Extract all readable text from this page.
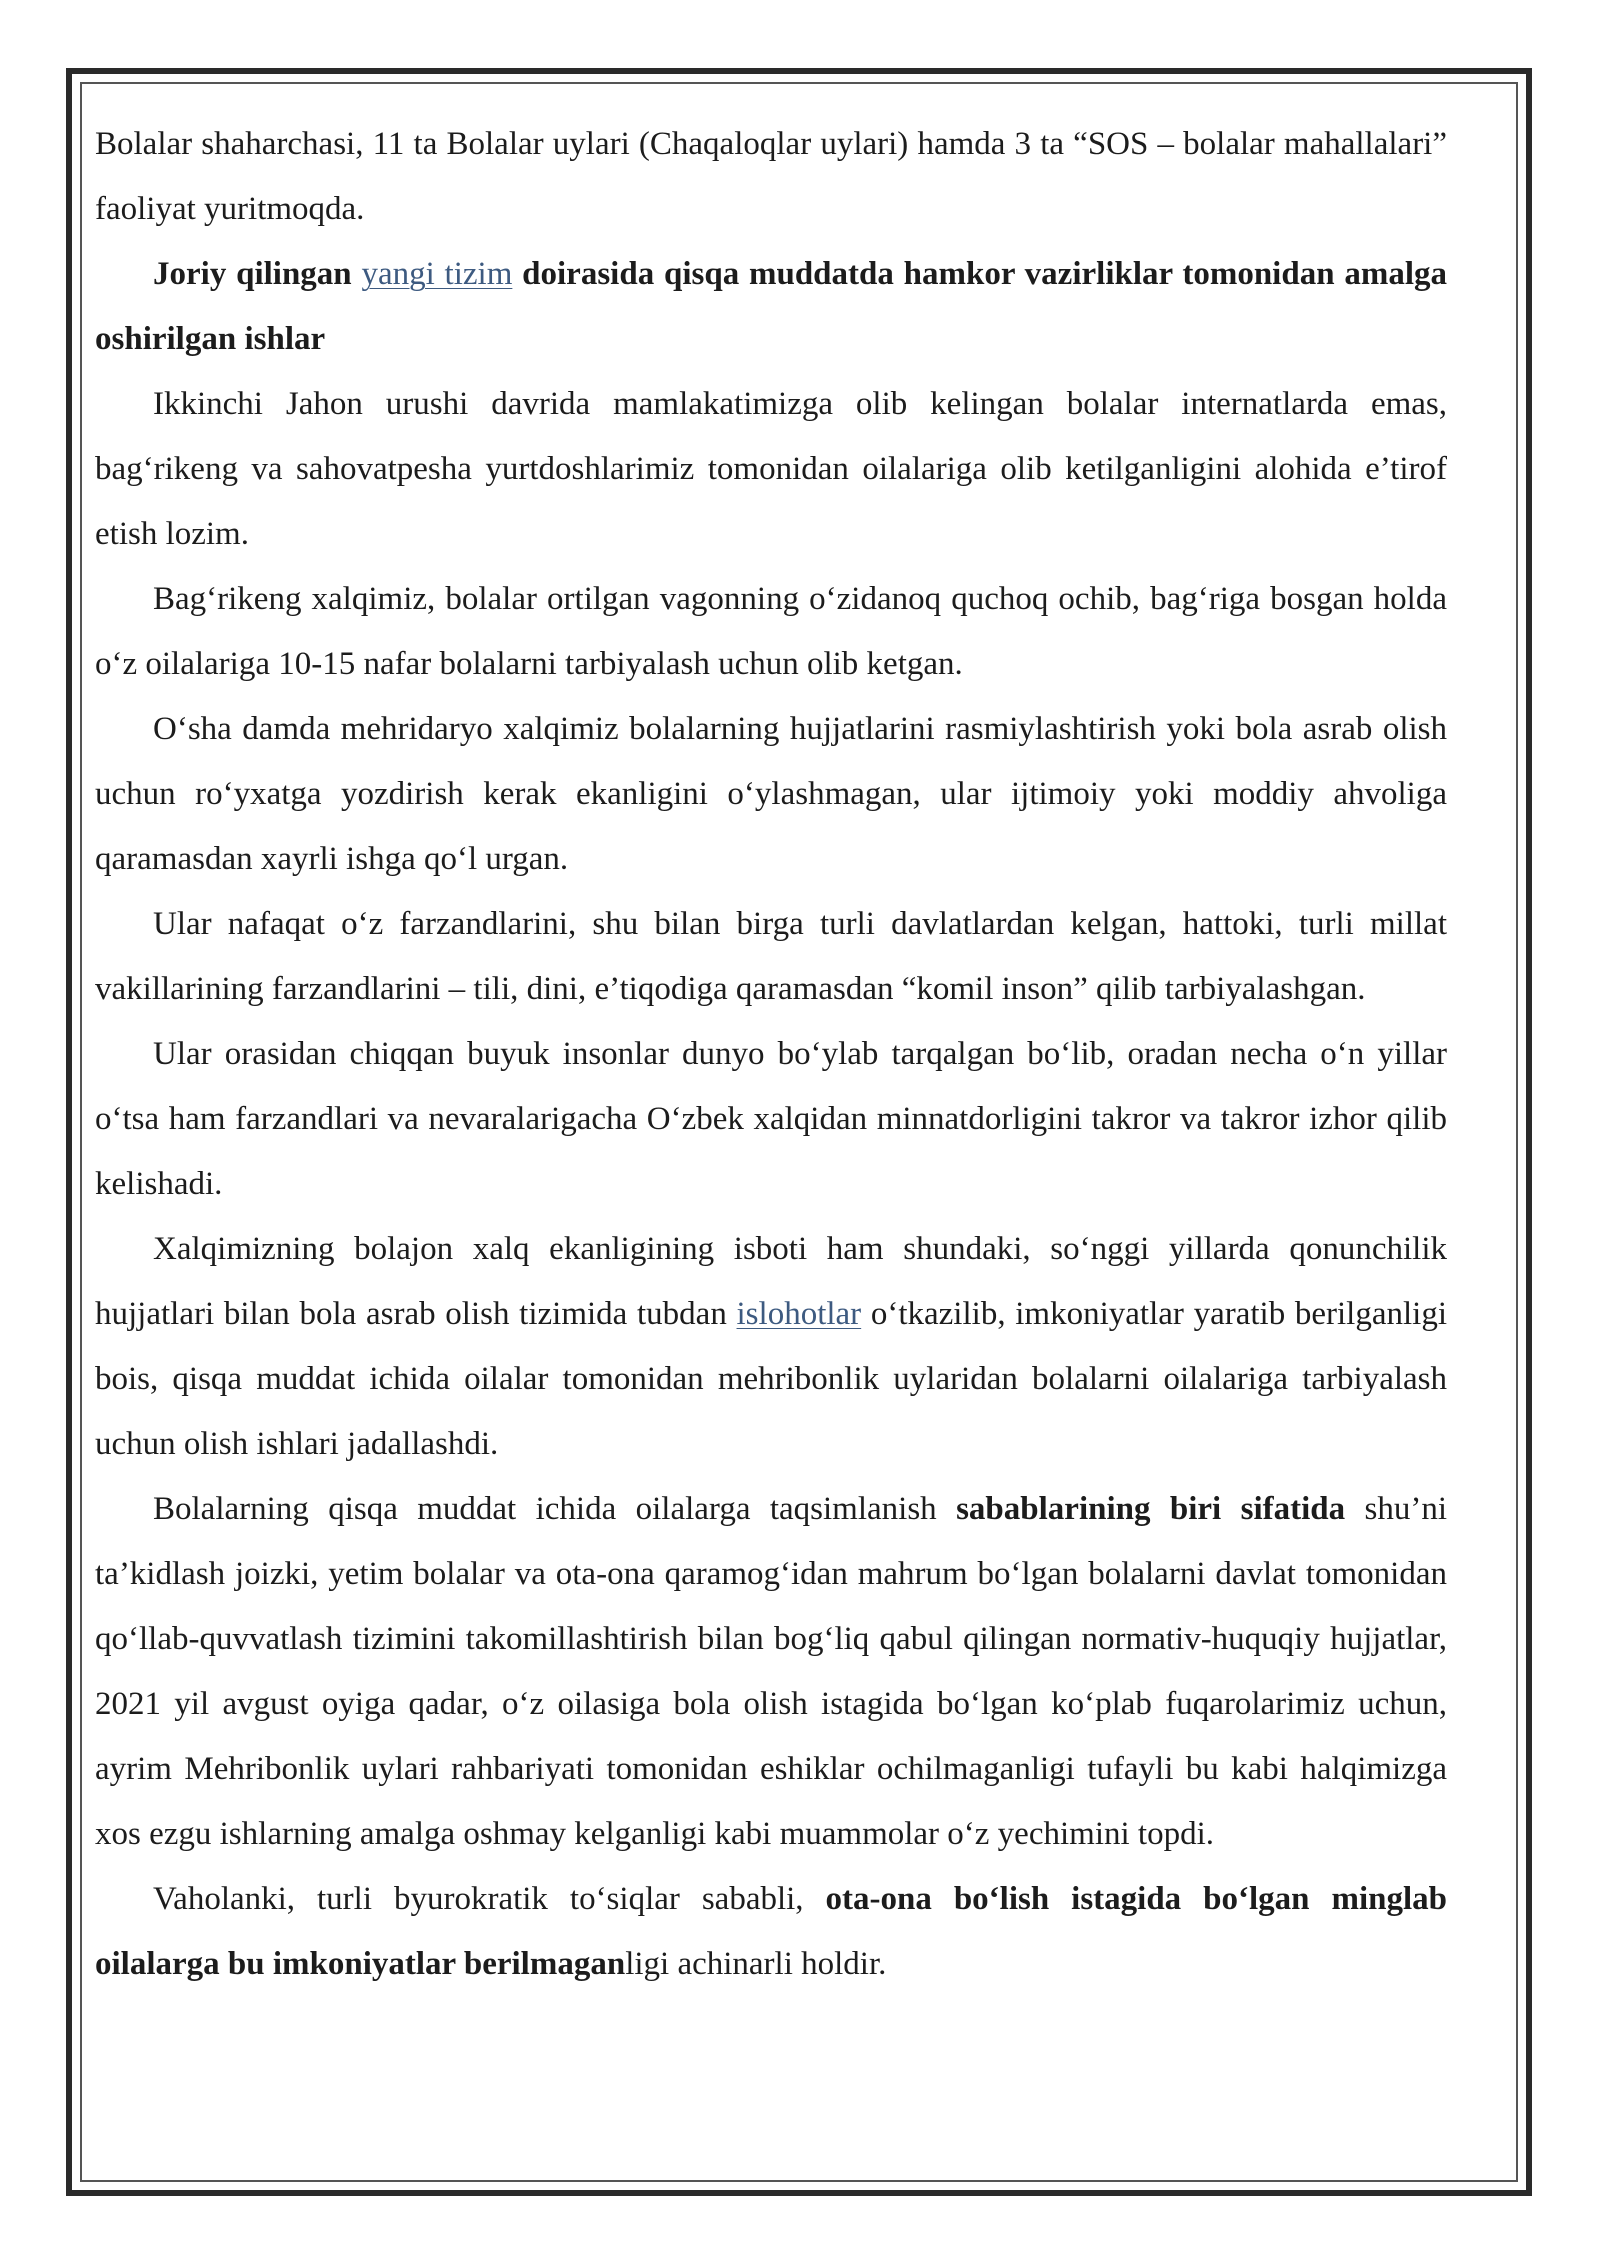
Bolalar shaharchasi, 11 ta Bolalar uylari (Chaqaloqlar uylari) hamda 3 ta “SOS – bolalar mahallalari” faoliyat yuritmoqda.

Joriy qilingan yangi tizim doirasida qisqa muddatda hamkor vazirliklar tomonidan amalga oshirilgan ishlar

Ikkinchi Jahon urushi davrida mamlakatimizga olib kelingan bolalar internatlarda emas, bag‘rikeng va sahovatpesha yurtdoshlarimiz tomonidan oilalariga olib ketilganligini alohida e’tirof etish lozim.

Bag‘rikeng xalqimiz, bolalar ortilgan vagonning o‘zidanoq quchoq ochib, bag‘riga bosgan holda o‘z oilalariga 10-15 nafar bolalarni tarbiyalash uchun olib ketgan.

O‘sha damda mehridaryo xalqimiz bolalarning hujjatlarini rasmiylashtirish yoki bola asrab olish uchun ro‘yxatga yozdirish kerak ekanligini o‘ylashmagan, ular ijtimoiy yoki moddiy ahvoliga qaramasdan xayrli ishga qo‘l urgan.

Ular nafaqat o‘z farzandlarini, shu bilan birga turli davlatlardan kelgan, hattoki, turli millat vakillarining farzandlarini – tili, dini, e’tiqodiga qaramasdan “komil inson” qilib tarbiyalashgan.

Ular orasidan chiqqan buyuk insonlar dunyo bo‘ylab tarqalgan bo‘lib, oradan necha o‘n yillar o‘tsa ham farzandlari va nevaralarigacha O‘zbek xalqidan minnatdorligini takror va takror izhor qilib kelishadi.

Xalqimizning bolajon xalq ekanligining isboti ham shundaki, so‘nggi yillarda qonunchilik hujjatlari bilan bola asrab olish tizimida tubdan islohotlar o‘tkazilib, imkoniyatlar yaratib berilganligi bois, qisqa muddat ichida oilalar tomonidan mehribonlik uylaridan bolalarni oilalariga tarbiyalash uchun olish ishlari jadallashdi.

Bolalarning qisqa muddat ichida oilalarga taqsimlanish sabablarining biri sifatida shu’ni ta’kidlash joizki, yetim bolalar va ota-ona qaramog‘idan mahrum bo‘lgan bolalarni davlat tomonidan qo‘llab-quvvatlash tizimini takomillashtirish bilan bog‘liq qabul qilingan normativ-huquqiy hujjatlar, 2021 yil avgust oyiga qadar, o‘z oilasiga bola olish istagida bo‘lgan ko‘plab fuqarolarimiz uchun, ayrim Mehribonlik uylari rahbariyati tomonidan eshiklar ochilmaganligi tufayli bu kabi halqimizga xos ezgu ishlarning amalga oshmay kelganligi kabi muammolar o‘z yechimini topdi.

Vaholanki, turli byurokratik to‘siqlar sababli, ota-ona bo‘lish istagida bo‘lgan minglab oilalarga bu imkoniyatlar berilmaganligi achinarli holdir.
